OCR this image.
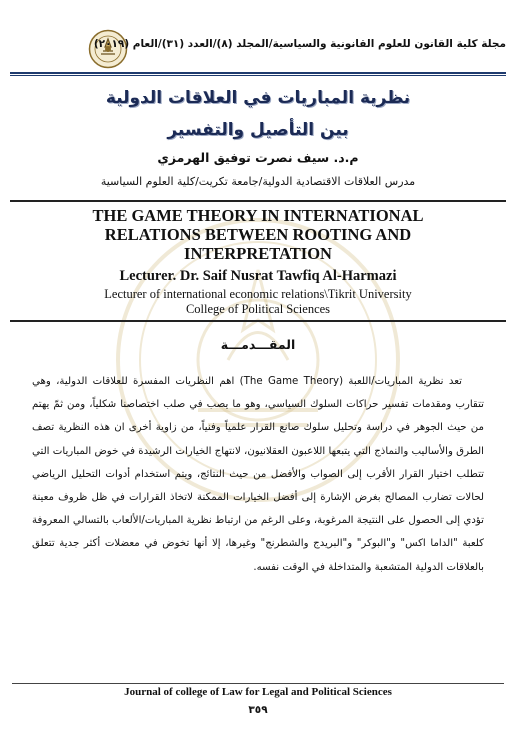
مجلة كلية القانون للعلوم القانونية والسياسية/المجلد (٨)/العدد (٣١)/العام (٢٠١٩)
نظرية المباريات في العلاقات الدولية
بين التأصيل والتفسير
م.د. سيف نصرت توفيق الهرمزي
مدرس العلاقات الاقتصادية الدولية/جامعة تكريت/كلية العلوم السياسية
THE GAME THEORY IN INTERNATIONAL
RELATIONS BETWEEN ROOTING AND
INTERPRETATION
Lecturer. Dr. Saif Nusrat Tawfiq Al-Harmazi
Lecturer of international economic relations\Tikrit University
College of Political Sciences
المقـــدمـــة

تعد نظرية المباريات/اللعبة (The Game Theory) اهم النظريات المفسرة للعلاقات الدولية، وهي تتقارب ومقدمات تفسير حراكات السلوك السياسي، وهو ما يصب في صلب اختصاصنا شكلياً، ومن ثمّ يهتم من حيث الجوهر في دراسة وتحليل سلوك صانع القرار علمياً وفنياً، من زاوية أخرى ان هذه النظرية تصف الطرق والأساليب والنماذج التي يتبعها اللاعبون العقلانيون، لانتهاج الخيارات الرشيدة في خوض المباريات التي تتطلب اختيار القرار الأقرب إلى الصواب والأفضل من حيث النتائج، ويتم استخدام أدوات التحليل الرياضي لحالات تضارب المصالح بغرض الإشارة إلى أفضل الخيارات الممكنة لاتخاذ القرارات في ظل ظروف معينة تؤدي إلى الحصول على النتيجة المرغوبة، وعلى الرغم من ارتباط نظرية المباريات/الألعاب بالتسالي المعروفة كلعبة "الداما اكس" و"البوكر" و"البريدج والشطرنج" وغيرها، إلا أنها تخوض في معضلات أكثر جدية تتعلق بالعلاقات الدولية المتشعبة والمتداخلة في الوقت نفسه.

Journal of college of Law for Legal and Political Sciences
٣٥٩
